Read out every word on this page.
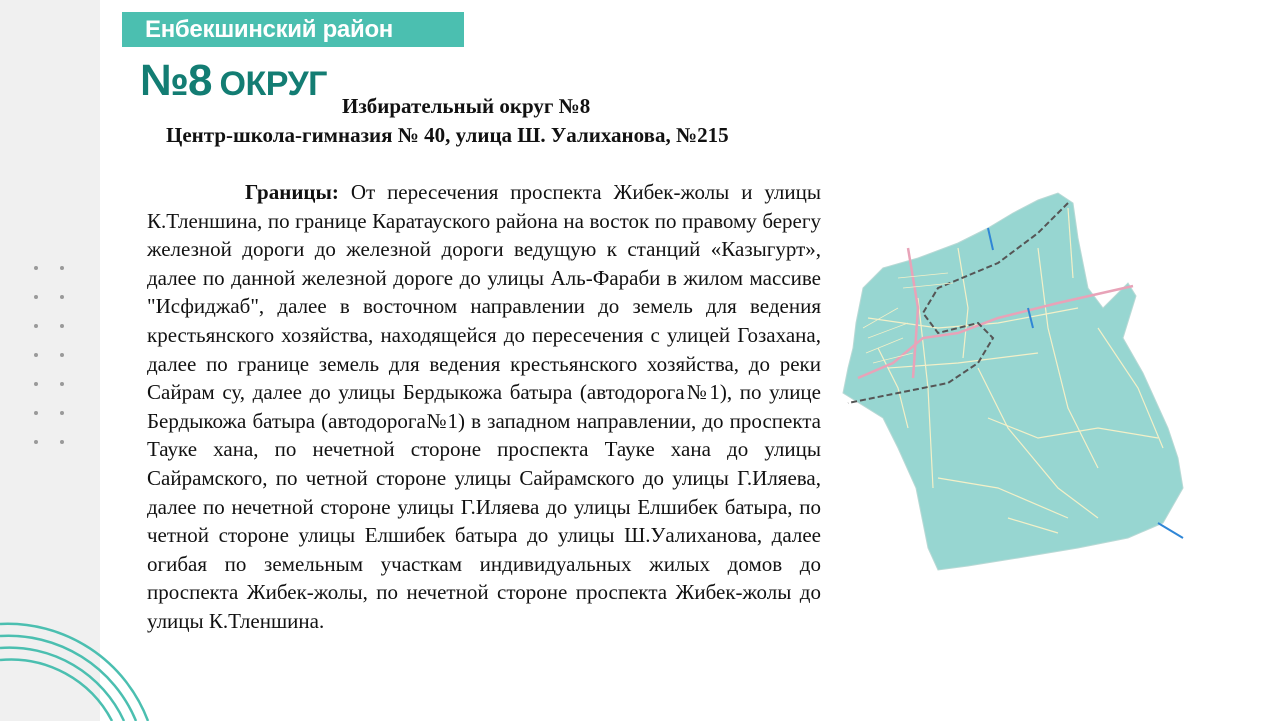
Енбекшинский район
№8 ОКРУГ
Избирательный округ №8
Центр-школа-гимназия № 40, улица Ш. Уалиханова, №215

Границы: От пересечения проспекта Жибек-жолы и улицы К.Тленшина, по границе Каратауского района на восток по правому берегу железной дороги до железной дороги ведущую к станций «Казыгурт», далее по данной железной дороге до улицы Аль-Фараби в жилом массиве "Исфиджаб", далее в восточном направлении до земель для ведения крестьянского хозяйства, находящейся до пересечения с улицей Гозахана, далее по границе земель для ведения крестьянского хозяйства, до реки Сайрам су, далее до улицы Бердыкожа батыра (автодорога№1), по улице Бердыкожа батыра (автодорога№1) в западном направлении, до проспекта Тауке хана, по нечетной стороне проспекта Тауке хана до улицы Сайрамского, по четной стороне улицы Сайрамского до улицы Г.Иляева, далее по нечетной стороне улицы Г.Иляева до улицы Елшибек батыра, по четной стороне улицы Елшибек батыра до улицы Ш.Уалиханова, далее огибая по земельным участкам индивидуальных жилых домов до проспекта Жибек-жолы, по нечетной стороне проспекта Жибек-жолы до улицы К.Тленшина.
